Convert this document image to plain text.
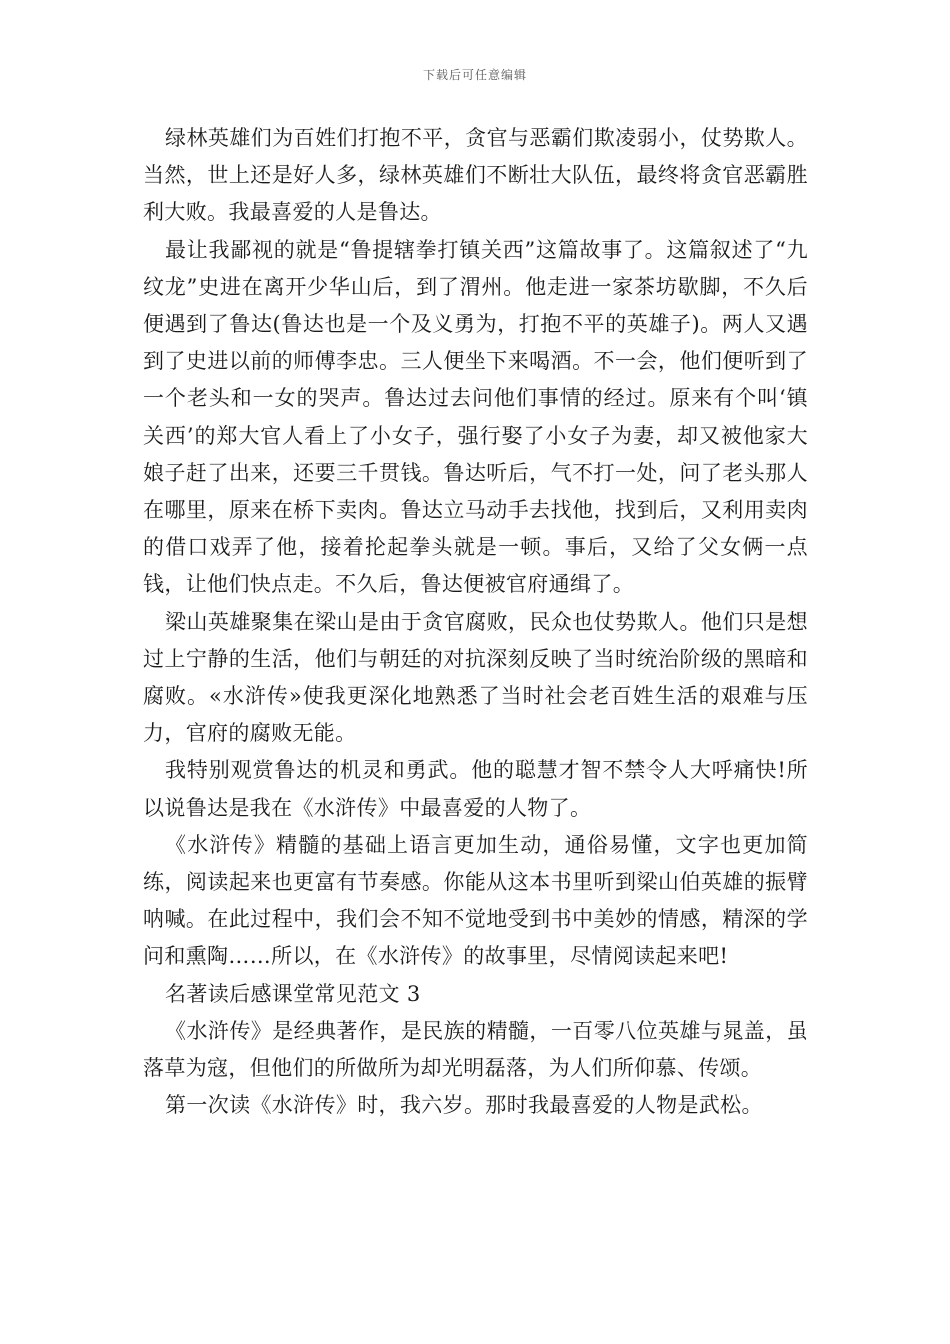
下载后可任意编辑

绿林英雄们为百姓们打抱不平，贪官与恶霸们欺凌弱小，仗势欺人。当然，世上还是好人多，绿林英雄们不断壮大队伍，最终将贪官恶霸胜利大败。我最喜爱的人是鲁达。

最让我鄙视的就是“鲁提辖拳打镇关西”这篇故事了。这篇叙述了“九纹龙”史进在离开少华山后，到了渭州。他走进一家茶坊歇脚，不久后便遇到了鲁达(鲁达也是一个及义勇为，打抱不平的英雄子)。两人又遇到了史进以前的师傅李忠。三人便坐下来喝酒。不一会，他们便听到了一个老头和一女的哭声。鲁达过去问他们事情的经过。原来有个叫‘镇关西’的郑大官人看上了小女子，强行娶了小女子为妻，却又被他家大娘子赶了出来，还要三千贯钱。鲁达听后，气不打一处，问了老头那人在哪里，原来在桥下卖肉。鲁达立马动手去找他，找到后，又利用卖肉的借口戏弄了他，接着抡起拳头就是一顿。事后，又给了父女俩一点钱，让他们快点走。不久后，鲁达便被官府通缉了。

梁山英雄聚集在梁山是由于贪官腐败，民众也仗势欺人。他们只是想过上宁静的生活，他们与朝廷的对抗深刻反映了当时统治阶级的黑暗和腐败。«水浒传»使我更深化地熟悉了当时社会老百姓生活的艰难与压力，官府的腐败无能。

我特别观赏鲁达的机灵和勇武。他的聪慧才智不禁令人大呼痛快!所以说鲁达是我在《水浒传》中最喜爱的人物了。

《水浒传》精髓的基础上语言更加生动，通俗易懂，文字也更加简练，阅读起来也更富有节奏感。你能从这本书里听到梁山伯英雄的振臂呐喊。在此过程中，我们会不知不觉地受到书中美妙的情感，精深的学问和熏陶……所以，在《水浒传》的故事里，尽情阅读起来吧!

名著读后感课堂常见范文 3

《水浒传》是经典著作，是民族的精髓，一百零八位英雄与晁盖，虽落草为寇，但他们的所做所为却光明磊落，为人们所仰慕、传颂。

第一次读《水浒传》时，我六岁。那时我最喜爱的人物是武松。
